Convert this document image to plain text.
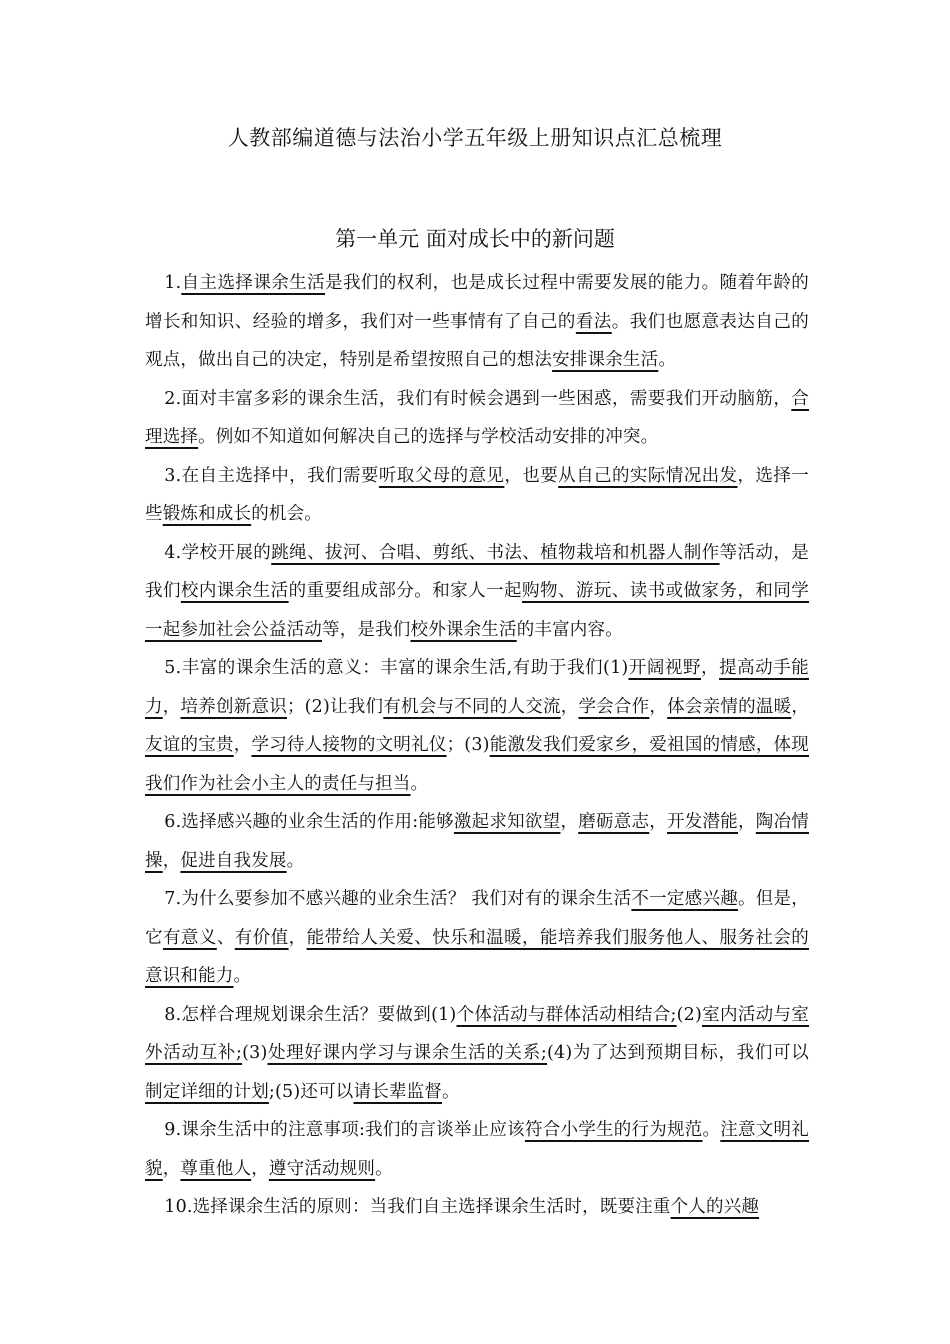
人教部编道德与法治小学五年级上册知识点汇总梳理
第一单元 面对成长中的新问题

1.自主选择课余生活是我们的权利，也是成长过程中需要发展的能力。随着年龄的增长和知识、经验的增多，我们对一些事情有了自己的看法。我们也愿意表达自己的观点，做出自己的决定，特别是希望按照自己的想法安排课余生活。

2.面对丰富多彩的课余生活，我们有时候会遇到一些困惑，需要我们开动脑筋，合理选择。例如不知道如何解决自己的选择与学校活动安排的冲突。

3.在自主选择中，我们需要听取父母的意见，也要从自己的实际情况出发，选择一些锻炼和成长的机会。

4.学校开展的跳绳、拔河、合唱、剪纸、书法、植物栽培和机器人制作等活动，是我们校内课余生活的重要组成部分。和家人一起购物、游玩、读书或做家务，和同学一起参加社会公益活动等，是我们校外课余生活的丰富内容。

5.丰富的课余生活的意义：丰富的课余生活,有助于我们(1)开阔视野，提高动手能力，培养创新意识；(2)让我们有机会与不同的人交流，学会合作，体会亲情的温暖，友谊的宝贵，学习待人接物的文明礼仪；(3)能激发我们爱家乡，爱祖国的情感，体现我们作为社会小主人的责任与担当。

6.选择感兴趣的业余生活的作用:能够激起求知欲望，磨砺意志，开发潜能，陶冶情操，促进自我发展。

7.为什么要参加不感兴趣的业余生活？ 我们对有的课余生活不一定感兴趣。但是，它有意义、有价值，能带给人关爱、快乐和温暖，能培养我们服务他人、服务社会的意识和能力。

8.怎样合理规划课余生活？要做到(1)个体活动与群体活动相结合;(2)室内活动与室外活动互补;(3)处理好课内学习与课余生活的关系;(4)为了达到预期目标，我们可以制定详细的计划;(5)还可以请长辈监督。

9.课余生活中的注意事项:我们的言谈举止应该符合小学生的行为规范。注意文明礼貌，尊重他人，遵守活动规则。

10.选择课余生活的原则：当我们自主选择课余生活时，既要注重个人的兴趣
